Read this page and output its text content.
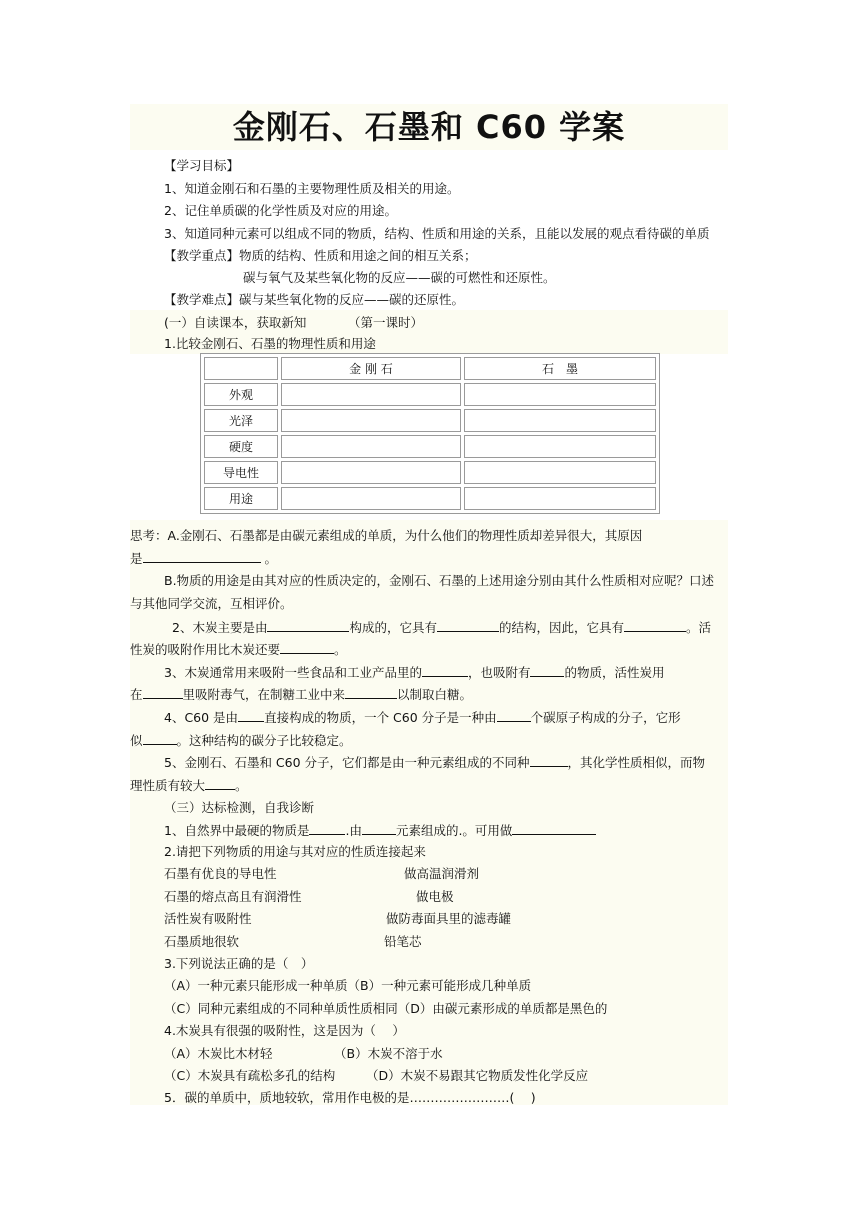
金刚石、石墨和 C60 学案
【学习目标】
1、知道金刚石和石墨的主要物理性质及相关的用途。
2、记住单质碳的化学性质及对应的用途。
3、知道同种元素可以组成不同的物质，结构、性质和用途的关系，且能以发展的观点看待碳的单质
【教学重点】物质的结构、性质和用途之间的相互关系；
碳与氧气及某些氧化物的反应——碳的可燃性和还原性。
【教学难点】碳与某些氧化物的反应——碳的还原性。
(一）自读课本，获取新知	（第一课时）
1.比较金刚石、石墨的物理性质和用途
	金 刚 石	石　墨
外观		
光泽		
硬度		
导电性		
用途		
思考：A.金刚石、石墨都是由碳元素组成的单质，为什么他们的物理性质却差异很大，其原因
是	。
B.物质的用途是由其对应的性质决定的，金刚石、石墨的上述用途分别由其什么性质相对应呢？口述
与其他同学交流，互相评价。
2、木炭主要是由	构成的，它具有	的结构，因此，它具有	。活
性炭的吸附作用比木炭还要	。
3、木炭通常用来吸附一些食品和工业产品里的	，也吸附有	的物质，活性炭用
在	里吸附毒气，在制糖工业中来	以制取白糖。
4、C60 是由 直接构成的物质，一个 C60 分子是一种由	个碳原子构成的分子，它形
似	。这种结构的碳分子比较稳定。
5、金刚石、石墨和 C60 分子，它们都是由一种元素组成的不同种	，其化学性质相似，而物
理性质有较大 。
（三）达标检测，自我诊断
1、自然界中最硬的物质是	.由	元素组成的.。可用做
2.请把下列物质的用途与其对应的性质连接起来
石墨有优良的导电性	做高温润滑剂
石墨的熔点高且有润滑性	做电极
活性炭有吸附性	做防毒面具里的滤毒罐
石墨质地很软	铅笔芯
3.下列说法正确的是（　）
（A）一种元素只能形成一种单质（B）一种元素可能形成几种单质
（C）同种元素组成的不同种单质性质相同（D）由碳元素形成的单质都是黑色的
4.木炭具有很强的吸附性，这是因为（　 ）
（A）木炭比木材轻	（B）木炭不溶于水
（C）木炭具有疏松多孔的结构 （D）木炭不易跟其它物质发性化学反应
5．碳的单质中，质地较软，常用作电极的是……………………(　 )
